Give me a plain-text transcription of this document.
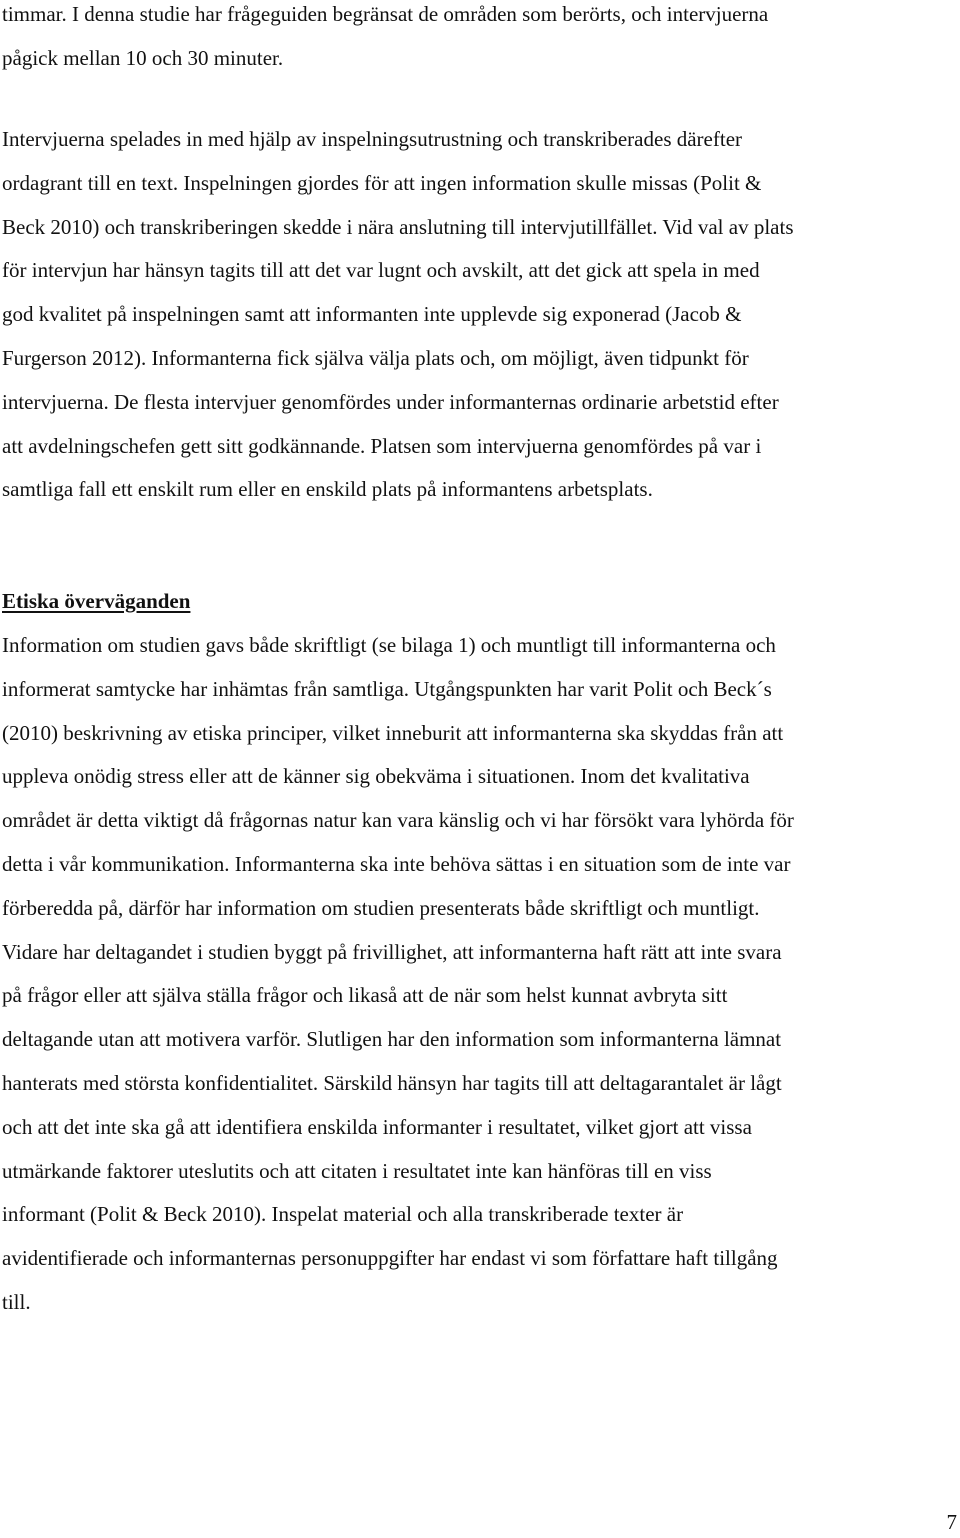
timmar. I denna studie har frågeguiden begränsat de områden som berörts, och intervjuerna
pågick mellan 10 och 30 minuter.
Intervjuerna spelades in med hjälp av inspelningsutrustning och transkriberades därefter
ordagrant till en text. Inspelningen gjordes för att ingen information skulle missas (Polit &
Beck 2010) och transkriberingen skedde i nära anslutning till intervjutillfället. Vid val av plats
för intervjun har hänsyn tagits till att det var lugnt och avskilt, att det gick att spela in med
god kvalitet på inspelningen samt att informanten inte upplevde sig exponerad (Jacob &
Furgerson 2012). Informanterna fick själva välja plats och, om möjligt, även tidpunkt för
intervjuerna. De flesta intervjuer genomfördes under informanternas ordinarie arbetstid efter
att avdelningschefen gett sitt godkännande. Platsen som intervjuerna genomfördes på var i
samtliga fall ett enskilt rum eller en enskild plats på informantens arbetsplats.
Etiska överväganden
Information om studien gavs både skriftligt (se bilaga 1) och muntligt till informanterna och
informerat samtycke har inhämtas från samtliga. Utgångspunkten har varit Polit och Beck´s
(2010) beskrivning av etiska principer, vilket inneburit att informanterna ska skyddas från att
uppleva onödig stress eller att de känner sig obekväma i situationen. Inom det kvalitativa
området är detta viktigt då frågornas natur kan vara känslig och vi har försökt vara lyhörda för
detta i vår kommunikation. Informanterna ska inte behöva sättas i en situation som de inte var
förberedda på, därför har information om studien presenterats både skriftligt och muntligt.
Vidare har deltagandet i studien byggt på frivillighet, att informanterna haft rätt att inte svara
på frågor eller att själva ställa frågor och likaså att de när som helst kunnat avbryta sitt
deltagande utan att motivera varför. Slutligen har den information som informanterna lämnat
hanterats med största konfidentialitet. Särskild hänsyn har tagits till att deltagarantalet är lågt
och att det inte ska gå att identifiera enskilda informanter i resultatet, vilket gjort att vissa
utmärkande faktorer uteslutits och att citaten i resultatet inte kan hänföras till en viss
informant (Polit & Beck 2010). Inspelat material och alla transkriberade texter är
avidentifierade och informanternas personuppgifter har endast vi som författare haft tillgång
till.
7
